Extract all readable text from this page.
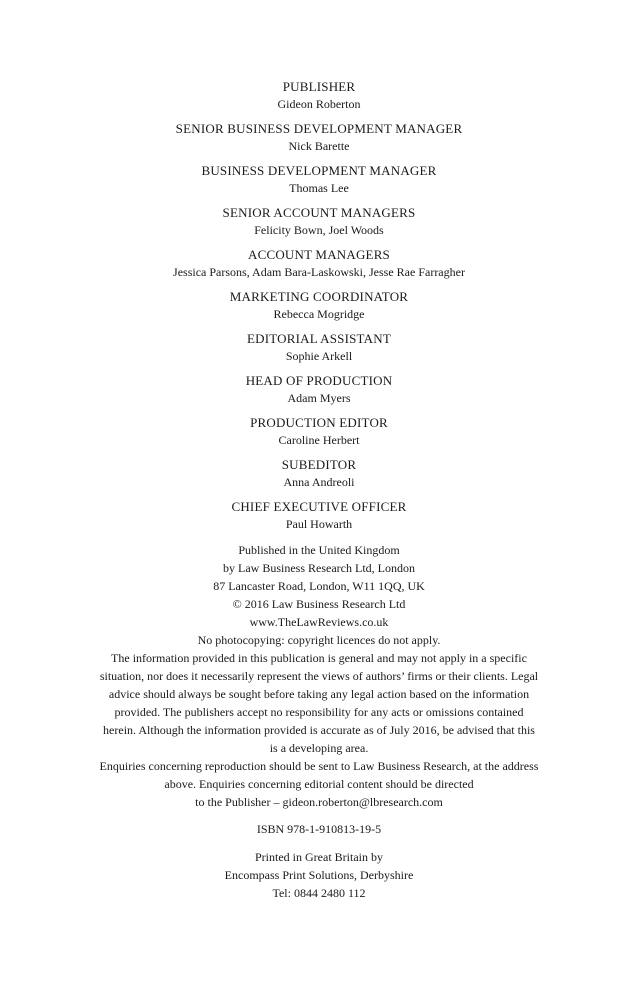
PUBLISHER
Gideon Roberton
SENIOR BUSINESS DEVELOPMENT MANAGER
Nick Barette
BUSINESS DEVELOPMENT MANAGER
Thomas Lee
SENIOR ACCOUNT MANAGERS
Felicity Bown, Joel Woods
ACCOUNT MANAGERS
Jessica Parsons, Adam Bara-Laskowski, Jesse Rae Farragher
MARKETING COORDINATOR
Rebecca Mogridge
EDITORIAL ASSISTANT
Sophie Arkell
HEAD OF PRODUCTION
Adam Myers
PRODUCTION EDITOR
Caroline Herbert
SUBEDITOR
Anna Andreoli
CHIEF EXECUTIVE OFFICER
Paul Howarth
Published in the United Kingdom
by Law Business Research Ltd, London
87 Lancaster Road, London, W11 1QQ, UK
© 2016 Law Business Research Ltd
www.TheLawReviews.co.uk
No photocopying: copyright licences do not apply.
The information provided in this publication is general and may not apply in a specific
situation, nor does it necessarily represent the views of authors’ firms or their clients. Legal
advice should always be sought before taking any legal action based on the information
provided. The publishers accept no responsibility for any acts or omissions contained
herein. Although the information provided is accurate as of July 2016, be advised that this
is a developing area.
Enquiries concerning reproduction should be sent to Law Business Research, at the address
above. Enquiries concerning editorial content should be directed
to the Publisher – gideon.roberton@lbresearch.com
ISBN 978-1-910813-19-5
Printed in Great Britain by
Encompass Print Solutions, Derbyshire
Tel: 0844 2480 112
